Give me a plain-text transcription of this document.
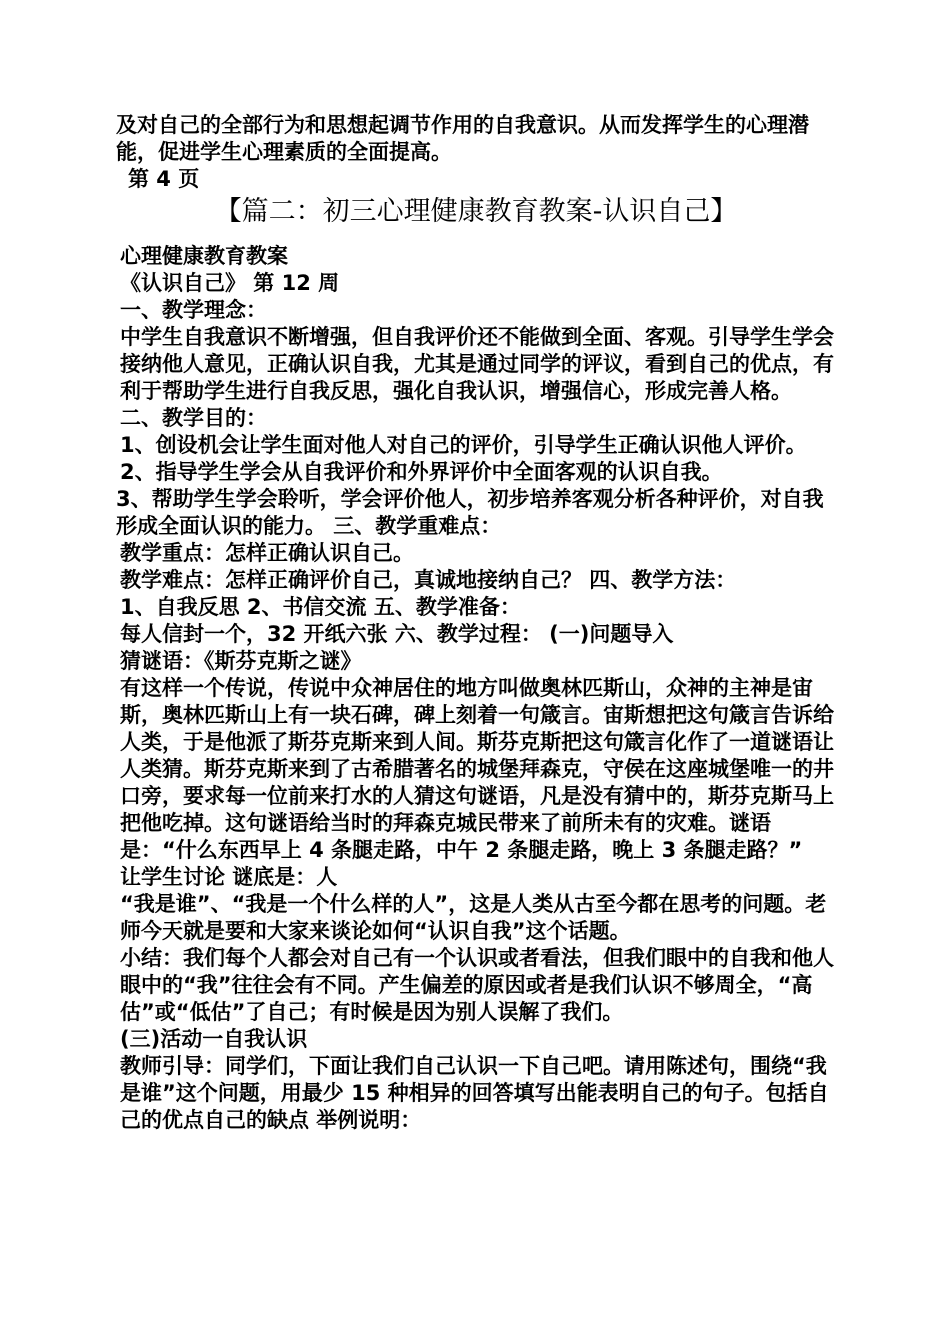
及对自己的全部行为和思想起调节作用的自我意识。从而发挥学生的心理潜能，促进学生心理素质的全面提高。

第 4 页

【篇二：初三心理健康教育教案-认识自己】

心理健康教育教案

《认识自己》 第 12 周

一、教学理念：

中学生自我意识不断增强，但自我评价还不能做到全面、客观。引导学生学会接纳他人意见，正确认识自我，尤其是通过同学的评议，看到自己的优点，有利于帮助学生进行自我反思，强化自我认识，增强信心，形成完善人格。 二、教学目的：

1、创设机会让学生面对他人对自己的评价，引导学生正确认识他人评价。

2、指导学生学会从自我评价和外界评价中全面客观的认识自我。

3、帮助学生学会聆听，学会评价他人，初步培养客观分析各种评价，对自我形成全面认识的能力。 三、教学重难点：

教学重点：怎样正确认识自己。

教学难点：怎样正确评价自己，真诚地接纳自己？ 四、教学方法：

1、自我反思 2、书信交流 五、教学准备：

每人信封一个，32 开纸六张 六、教学过程： (一)问题导入

猜谜语：《斯芬克斯之谜》

有这样一个传说，传说中众神居住的地方叫做奥林匹斯山，众神的主神是宙斯，奥林匹斯山上有一块石碑，碑上刻着一句箴言。宙斯想把这句箴言告诉给人类，于是他派了斯芬克斯来到人间。斯芬克斯把这句箴言化作了一道谜语让人类猜。斯芬克斯来到了古希腊著名的城堡拜森克，守侯在这座城堡唯一的井口旁，要求每一位前来打水的人猜这句谜语，凡是没有猜中的，斯芬克斯马上把他吃掉。这句谜语给当时的拜森克城民带来了前所未有的灾难。谜语是：“什么东西早上 4 条腿走路，中午 2 条腿走路，晚上 3 条腿走路？”

让学生讨论 谜底是：人

“我是谁”、“我是一个什么样的人”，这是人类从古至今都在思考的问题。老师今天就是要和大家来谈论如何“认识自我”这个话题。

小结：我们每个人都会对自己有一个认识或者看法，但我们眼中的自我和他人眼中的“我”往往会有不同。产生偏差的原因或者是我们认识不够周全，“高估”或“低估”了自己；有时候是因为别人误解了我们。

(三)活动一自我认识

教师引导：同学们，下面让我们自己认识一下自己吧。请用陈述句，围绕“我是谁”这个问题，用最少 15 种相异的回答填写出能表明自己的句子。包括自己的优点自己的缺点 举例说明：
